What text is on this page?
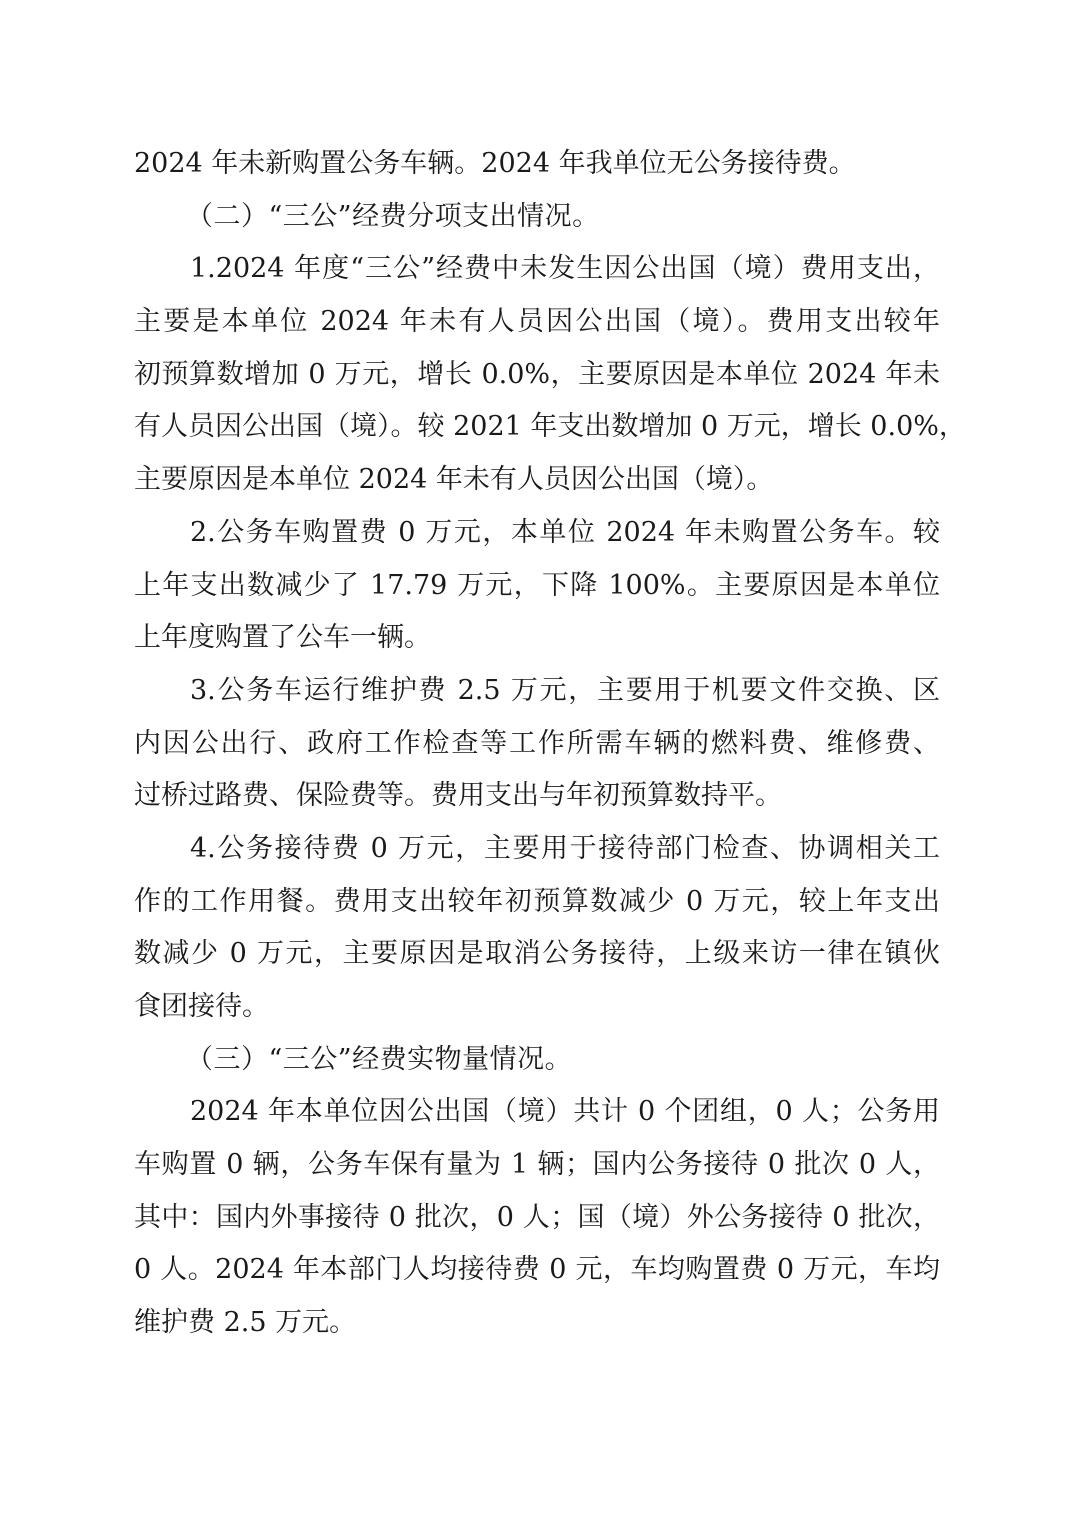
2024 年未新购置公务车辆。2024 年我单位无公务接待费。
（二）“三公”经费分项支出情况。
1.2024 年度“三公”经费中未发生因公出国（境）费用支出，
主要是本单位 2024 年未有人员因公出国（境）。费用支出较年
初预算数增加 0 万元，增长 0.0%，主要原因是本单位 2024 年未
有人员因公出国（境）。较 2021 年支出数增加 0 万元，增长 0.0%，
主要原因是本单位 2024 年未有人员因公出国（境）。
2.公务车购置费 0 万元，本单位 2024 年未购置公务车。较
上年支出数减少了 17.79 万元，下降 100%。主要原因是本单位
上年度购置了公车一辆。
3.公务车运行维护费 2.5 万元，主要用于机要文件交换、区
内因公出行、政府工作检查等工作所需车辆的燃料费、维修费、
过桥过路费、保险费等。费用支出与年初预算数持平。
4.公务接待费 0 万元，主要用于接待部门检查、协调相关工
作的工作用餐。费用支出较年初预算数减少 0 万元，较上年支出
数减少 0 万元，主要原因是取消公务接待，上级来访一律在镇伙
食团接待。
（三）“三公”经费实物量情况。
2024 年本单位因公出国（境）共计 0 个团组，0 人；公务用
车购置 0 辆，公务车保有量为 1 辆；国内公务接待 0 批次 0 人，
其中：国内外事接待 0 批次，0 人；国（境）外公务接待 0 批次，
0 人。2024 年本部门人均接待费 0 元，车均购置费 0 万元，车均
维护费 2.5 万元。
